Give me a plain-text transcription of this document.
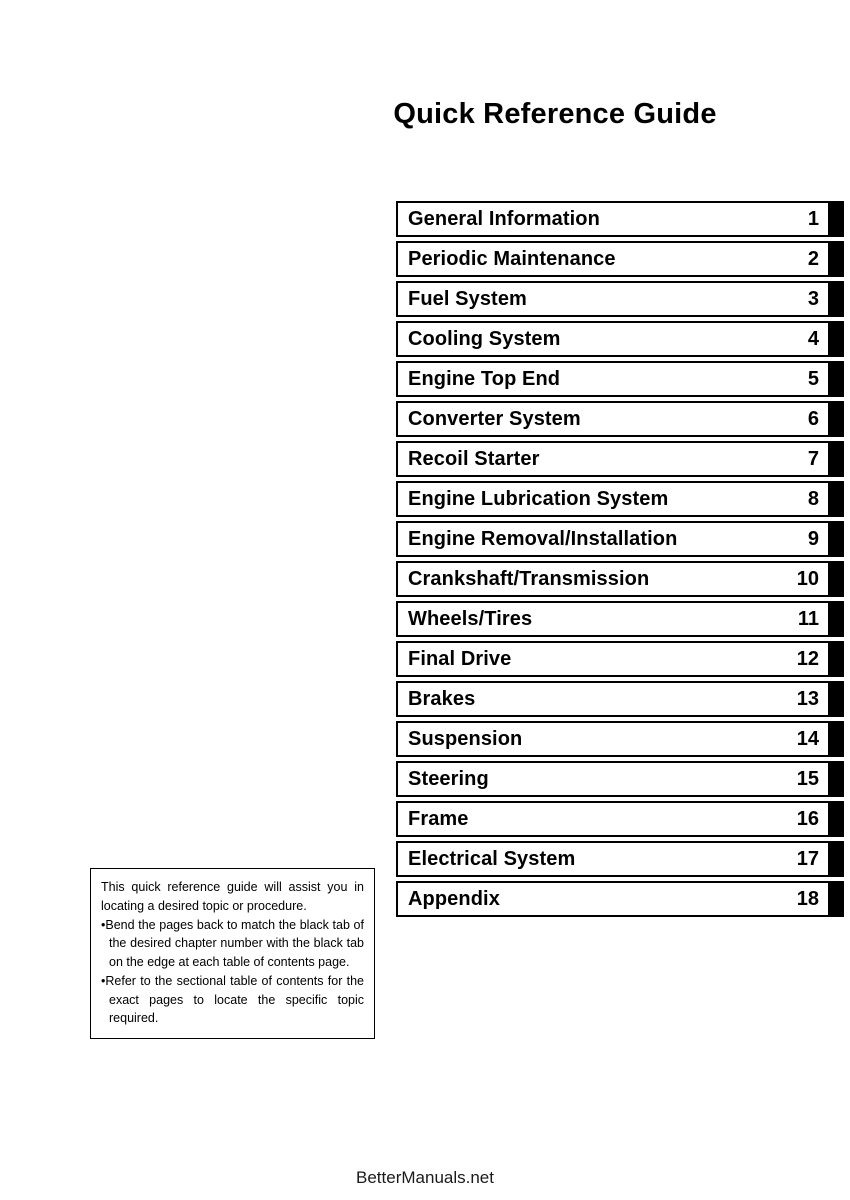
Quick Reference Guide
General Information	1
Periodic Maintenance	2
Fuel System	3
Cooling System	4
Engine Top End	5
Converter System	6
Recoil Starter	7
Engine Lubrication System	8
Engine Removal/Installation	9
Crankshaft/Transmission	10
Wheels/Tires	11
Final Drive	12
Brakes	13
Suspension	14
Steering	15
Frame	16
Electrical System	17
Appendix	18

This quick reference guide will assist you in locating a desired topic or procedure.

•Bend the pages back to match the black tab of the desired chapter number with the black tab on the edge at each table of contents page.

•Refer to the sectional table of contents for the exact pages to locate the specific topic required.

BetterManuals.net
